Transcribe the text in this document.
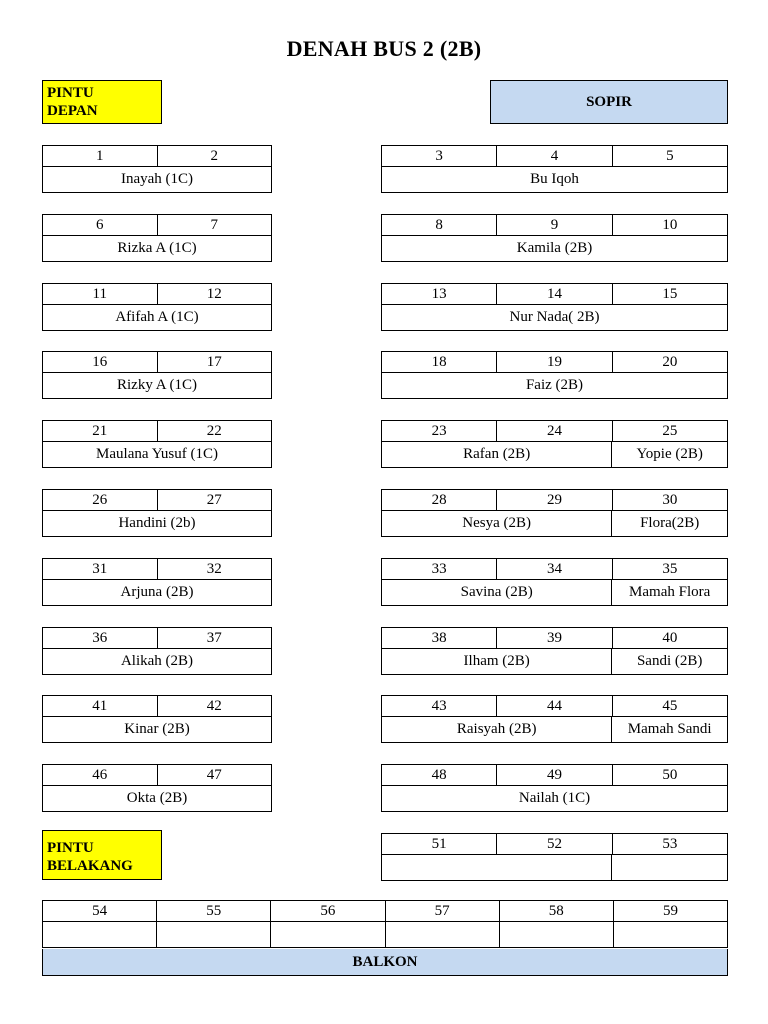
DENAH BUS 2 (2B)
PINTU
DEPAN
SOPIR
1	2
Inayah (1C)
6	7
Rizka A (1C)
11	12
Afifah A (1C)
16	17
Rizky A (1C)
21	22
Maulana Yusuf (1C)
26	27
Handini (2b)
31	32
Arjuna (2B)
36	37
Alikah (2B)
41	42
Kinar (2B)
46	47
Okta (2B)
3	4	5
Bu Iqoh
8	9	10
Kamila (2B)
13	14	15
Nur Nada( 2B)
18	19	20
Faiz (2B)
23	24	25
Rafan (2B)	Yopie (2B)
28	29	30
Nesya (2B)	Flora(2B)
33	34	35
Savina (2B)	Mamah Flora
38	39	40
Ilham (2B)	Sandi (2B)
43	44	45
Raisyah (2B)	Mamah Sandi
48	49	50
Nailah (1C)
51	52	53
PINTU
BELAKANG
54	55	56	57	58	59
BALKON
